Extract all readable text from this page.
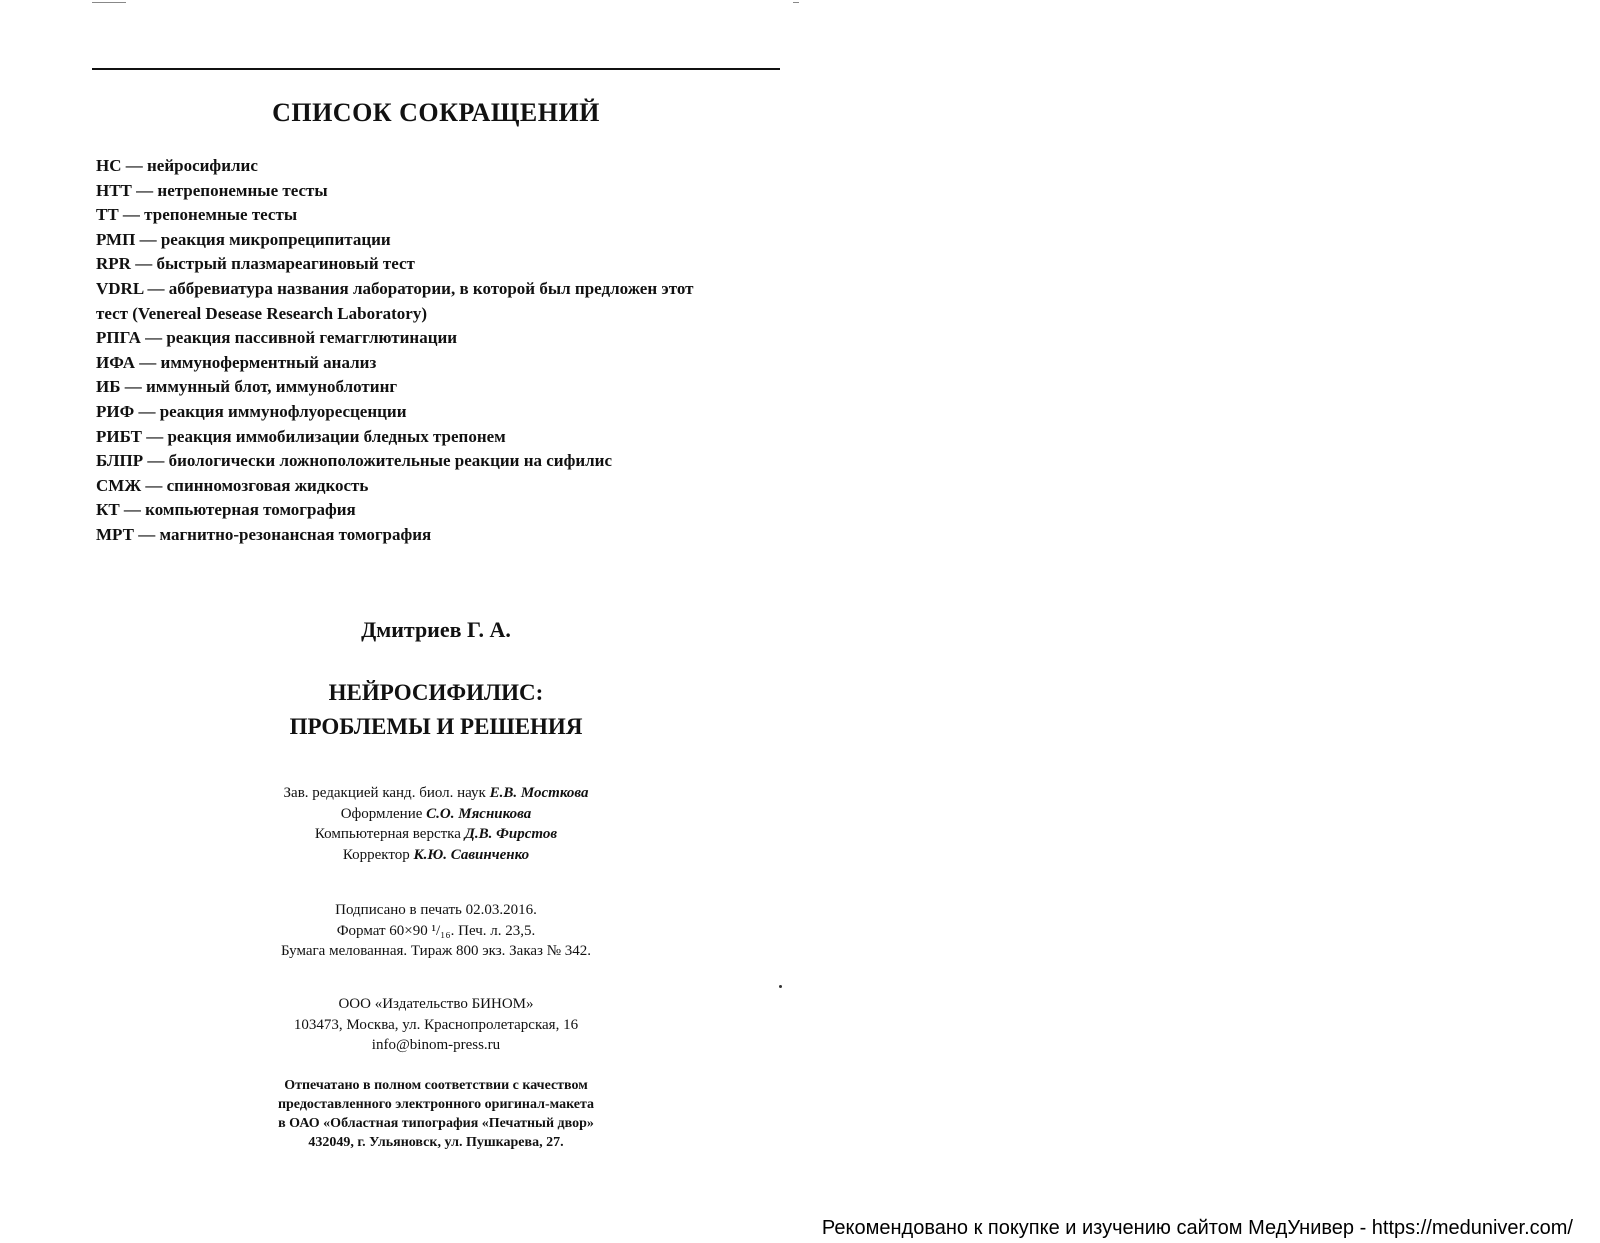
СПИСОК СОКРАЩЕНИЙ
НС — нейросифилис
НТТ — нетрепонемные тесты
ТТ — трепонемные тесты
РМП — реакция микропреципитации
RPR — быстрый плазмареагиновый тест
VDRL — аббревиатура названия лаборатории, в которой был предложен этот
тест (Venereal Desease Research Laboratory)
РПГА — реакция пассивной гемагглютинации
ИФА — иммуноферментный анализ
ИБ — иммунный блот, иммуноблотинг
РИФ — реакция иммунофлуоресценции
РИБТ — реакция иммобилизации бледных трепонем
БЛПР — биологически ложноположительные реакции на сифилис
СМЖ — спинномозговая жидкость
КТ — компьютерная томография
МРТ — магнитно-резонансная томография
Дмитриев Г. А.
НЕЙРОСИФИЛИС:
ПРОБЛЕМЫ И РЕШЕНИЯ
Зав. редакцией канд. биол. наук Е.В. Мосткова
Оформление С.О. Мясникова
Компьютерная верстка Д.В. Фирстов
Корректор К.Ю. Савинченко
Подписано в печать 02.03.2016.
Формат 60×90 ¹/₁₆. Печ. л. 23,5.
Бумага мелованная. Тираж 800 экз. Заказ № 342.
ООО «Издательство БИНОМ»
103473, Москва, ул. Краснопролетарская, 16
info@binom-press.ru
Отпечатано в полном соответствии с качеством
предоставленного электронного оригинал-макета
в ОАО «Областная типография «Печатный двор»
432049, г. Ульяновск, ул. Пушкарева, 27.
Рекомендовано к покупке и изучению сайтом МедУнивер - https://meduniver.com/
